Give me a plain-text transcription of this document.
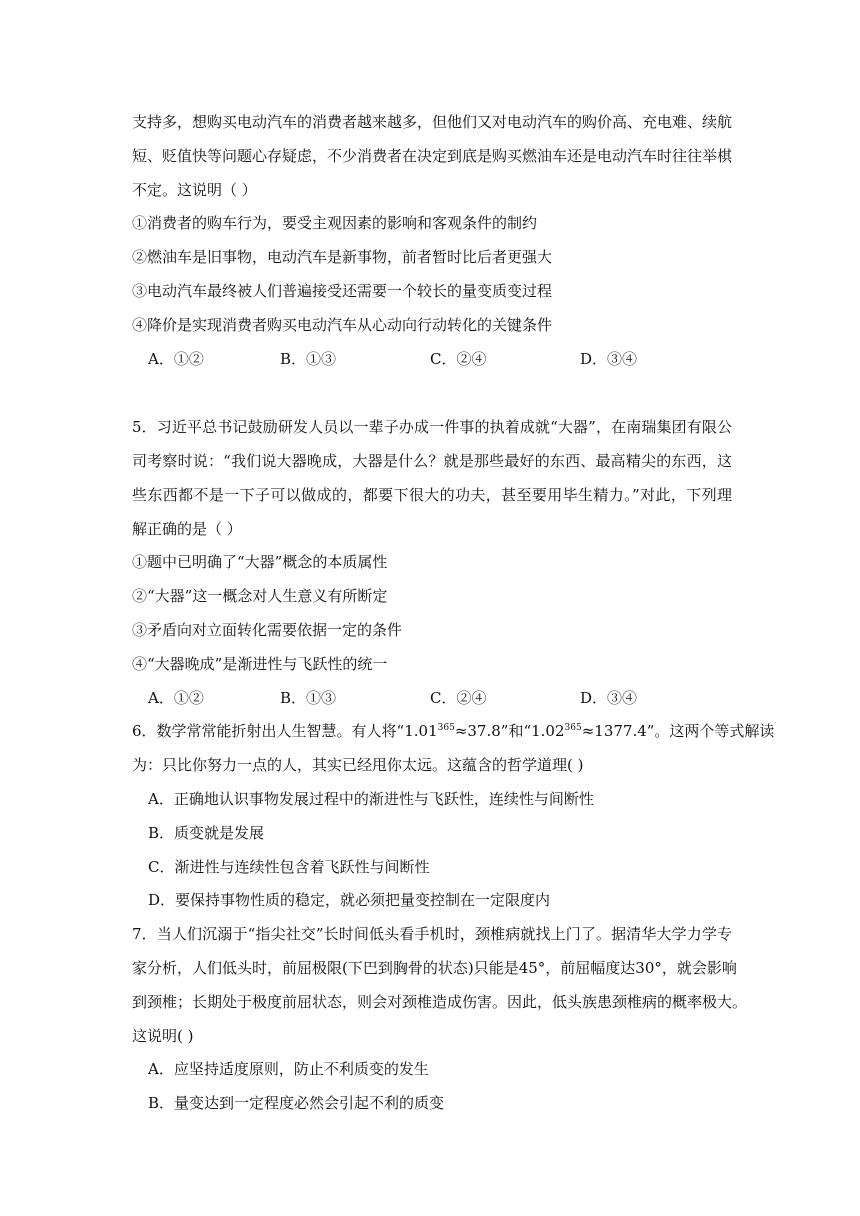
支持多，想购买电动汽车的消费者越来越多，但他们又对电动汽车的购价高、充电难、续航
短、贬值快等问题心存疑虑，不少消费者在决定到底是购买燃油车还是电动汽车时往往举棋
不定。这说明（ ）
①消费者的购车行为，要受主观因素的影响和客观条件的制约
②燃油车是旧事物，电动汽车是新事物，前者暂时比后者更强大
③电动汽车最终被人们普遍接受还需要一个较长的量变质变过程
④降价是实现消费者购买电动汽车从心动向行动转化的关键条件
A．①②	B．①③	C．②④	D．③④
5．习近平总书记鼓励研发人员以一辈子办成一件事的执着成就“大器”，在南瑞集团有限公
司考察时说：“我们说大器晚成，大器是什么？就是那些最好的东西、最高精尖的东西，这
些东西都不是一下子可以做成的，都要下很大的功夫，甚至要用毕生精力。”对此，下列理
解正确的是（ ）
①题中已明确了“大器”概念的本质属性
②“大器”这一概念对人生意义有所断定
③矛盾向对立面转化需要依据一定的条件
④“大器晚成”是渐进性与飞跃性的统一
A．①②	B．①③	C．②④	D．③④
6．数学常常能折射出人生智慧。有人将“$1.01^{365}\approx 37.8$”和“$1.02^{365}\approx 1377.4$”。这两个等式解读
为：只比你努力一点的人，其实已经甩你太远。这蕴含的哲学道理( )
A．正确地认识事物发展过程中的渐进性与飞跃性，连续性与间断性
B．质变就是发展
C．渐进性与连续性包含着飞跃性与间断性
D．要保持事物性质的稳定，就必须把量变控制在一定限度内
7．当人们沉溺于“指尖社交”长时间低头看手机时，颈椎病就找上门了。据清华大学力学专
家分析，人们低头时，前屈极限(下巴到胸骨的状态)只能是45°，前屈幅度达30°，就会影响
到颈椎；长期处于极度前屈状态，则会对颈椎造成伤害。因此，低头族患颈椎病的概率极大。
这说明( )
A．应坚持适度原则，防止不利质变的发生
B．量变达到一定程度必然会引起不利的质变
